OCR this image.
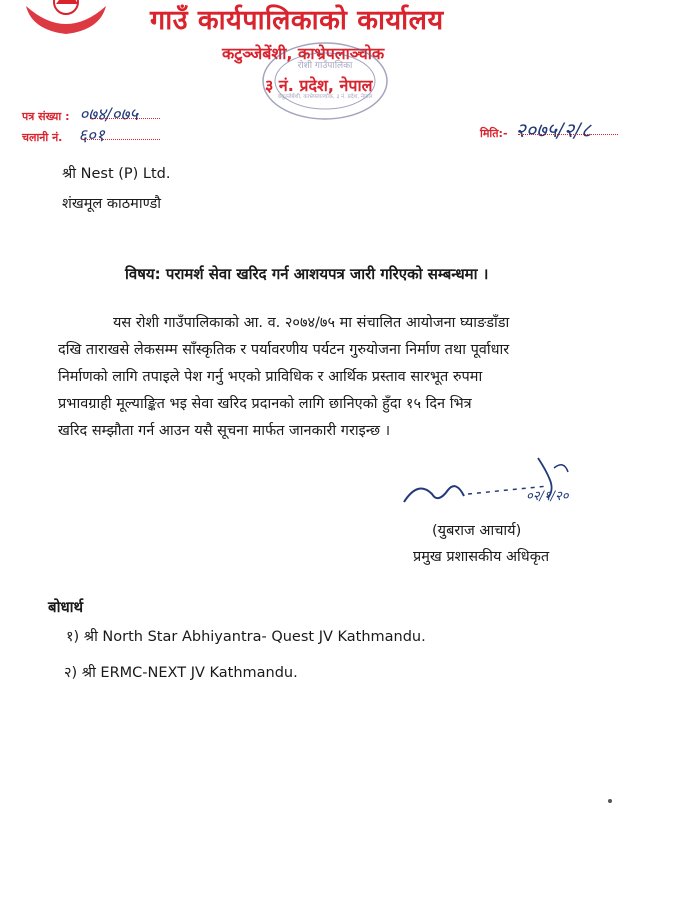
गाउँ कार्यपालिकाको कार्यालय
कटुञ्जेबेंशी, काभ्रेपलाञ्चोक
३ नं. प्रदेश, नेपाल
रोशी गाउँपालिका
कटुञ्जेबेंशी, काभ्रेपलाञ्चोक, ३ नं. प्रदेश, नेपाल
पत्र संख्या : ०७४/०७५
चलानी नं. ६०१	मिति:- २०७५/२/८
श्री Nest (P) Ltd.
शंखमूल काठमाण्डौ
विषय: परामर्श सेवा खरिद गर्न आशयपत्र जारी गरिएको सम्बन्धमा ।
यस रोशी गाउँपालिकाको आ. व. २०७४/७५ मा संचालित आयोजना घ्याङडाँडा
दखि ताराखसे लेकसम्म साँस्कृतिक र पर्यावरणीय पर्यटन गुरुयोजना निर्माण तथा पूर्वाधार
निर्माणको लागि तपाइले पेश गर्नु भएको प्राविधिक र आर्थिक प्रस्ताव सारभूत रुपमा
प्रभावग्राही मूल्याङ्कित भइ सेवा खरिद प्रदानको लागि छानिएको हुँदा १५ दिन भित्र
खरिद सम्झौता गर्न आउन यसै सूचना मार्फत जानकारी गराइन्छ ।
०२/१/२०
(युबराज आचार्य)
प्रमुख प्रशासकीय अधिकृत
बोधार्थ
१) श्री North Star Abhiyantra- Quest JV Kathmandu.
२) श्री ERMC-NEXT JV Kathmandu.
